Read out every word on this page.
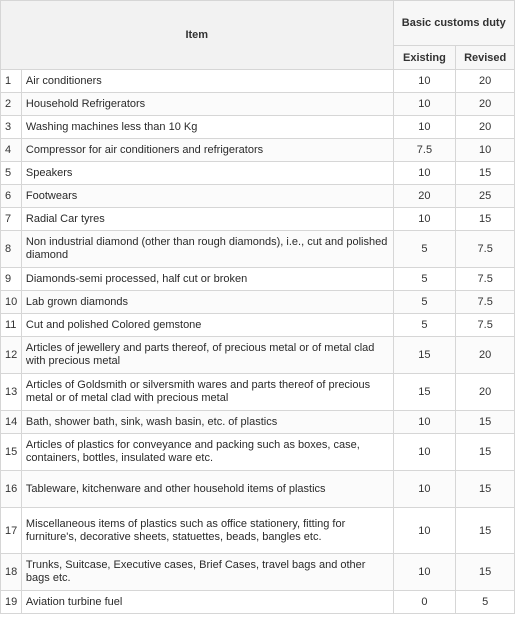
Item		Basic customs duty	
		Existing	Revised
1	Air conditioners	10	20
2	Household Refrigerators	10	20
3	Washing machines less than 10 Kg	10	20
4	Compressor for air conditioners and refrigerators	7.5	10
5	Speakers	10	15
6	Footwears	20	25
7	Radial Car tyres	10	15
8	Non industrial diamond (other than rough diamonds), i.e., cut and polished diamond	5	7.5
9	Diamonds-semi processed, half cut or broken	5	7.5
10	Lab grown diamonds	5	7.5
11	Cut and polished Colored gemstone	5	7.5
12	Articles of jewellery and parts thereof, of precious metal or of metal clad with precious metal	15	20
13	Articles of Goldsmith or silversmith wares and parts thereof of precious metal or of metal clad with precious metal	15	20
14	Bath, shower bath, sink, wash basin, etc. of plastics	10	15
15	Articles of plastics for conveyance and packing such as boxes, case, containers, bottles, insulated ware etc.	10	15
16	Tableware, kitchenware and other household items of plastics	10	15
17	Miscellaneous items of plastics such as office stationery, fitting for furniture's, decorative sheets, statuettes, beads, bangles etc.	10	15
18	Trunks, Suitcase, Executive cases, Brief Cases, travel bags and other bags etc.	10	15
19	Aviation turbine fuel	0	5
